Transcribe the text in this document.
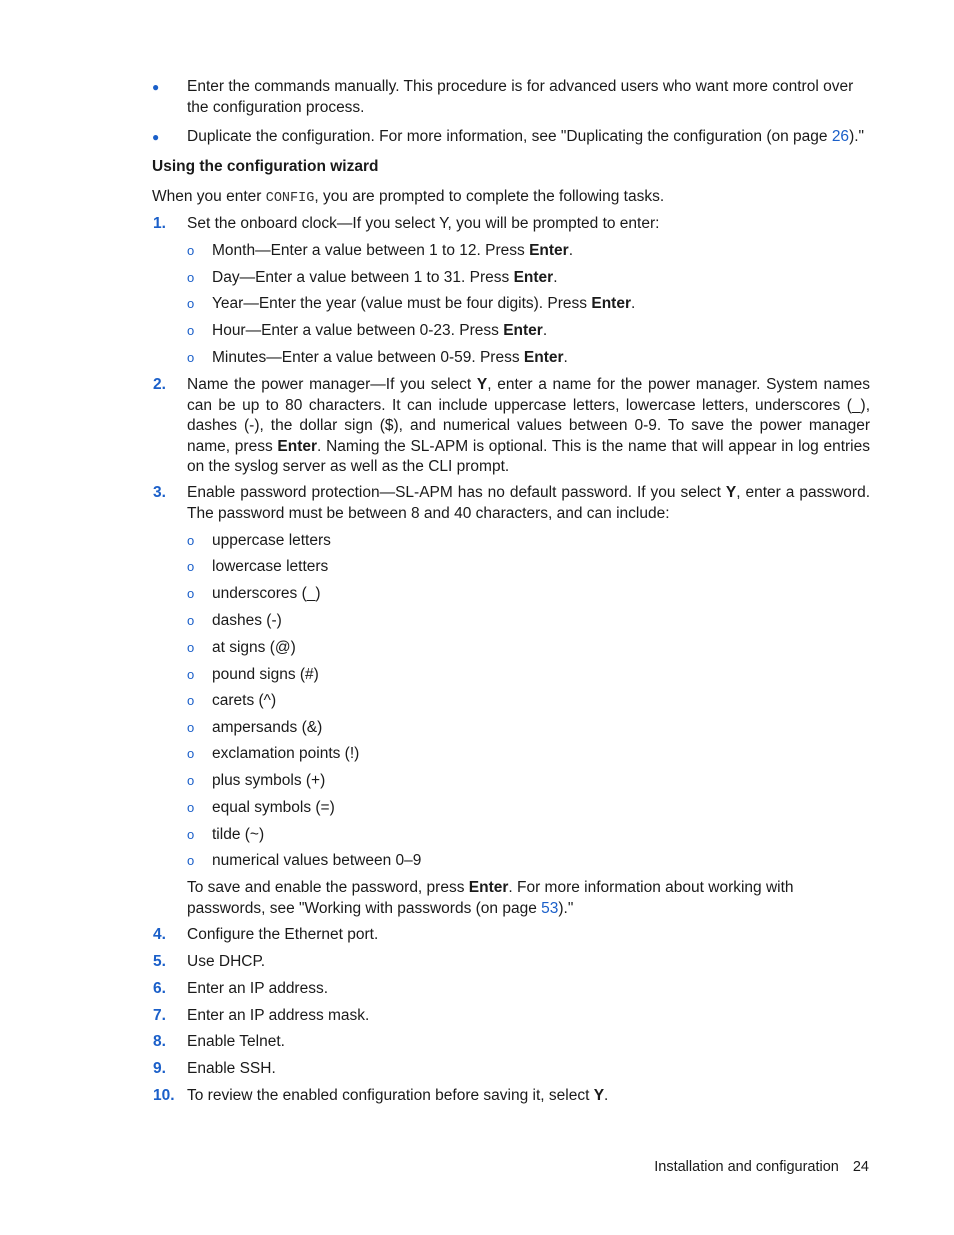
● Enter the commands manually. This procedure is for advanced users who want more control over the configuration process.
● Duplicate the configuration. For more information, see "Duplicating the configuration (on page 26)."
Using the configuration wizard
When you enter CONFIG, you are prompted to complete the following tasks.
1. Set the onboard clock—If you select Y, you will be prompted to enter:
o Month—Enter a value between 1 to 12. Press Enter.
o Day—Enter a value between 1 to 31. Press Enter.
o Year—Enter the year (value must be four digits). Press Enter.
o Hour—Enter a value between 0-23. Press Enter.
o Minutes—Enter a value between 0-59. Press Enter.
2. Name the power manager—If you select Y, enter a name for the power manager. System names can be up to 80 characters. It can include uppercase letters, lowercase letters, underscores (_), dashes (-), the dollar sign ($), and numerical values between 0-9. To save the power manager name, press Enter. Naming the SL-APM is optional. This is the name that will appear in log entries on the syslog server as well as the CLI prompt.
3. Enable password protection—SL-APM has no default password. If you select Y, enter a password. The password must be between 8 and 40 characters, and can include:
o uppercase letters
o lowercase letters
o underscores (_)
o dashes (-)
o at signs (@)
o pound signs (#)
o carets (^)
o ampersands (&)
o exclamation points (!)
o plus symbols (+)
o equal symbols (=)
o tilde (~)
o numerical values between 0–9
To save and enable the password, press Enter. For more information about working with passwords, see "Working with passwords (on page 53)."
4. Configure the Ethernet port.
5. Use DHCP.
6. Enter an IP address.
7. Enter an IP address mask.
8. Enable Telnet.
9. Enable SSH.
10. To review the enabled configuration before saving it, select Y.
Installation and configuration 24
